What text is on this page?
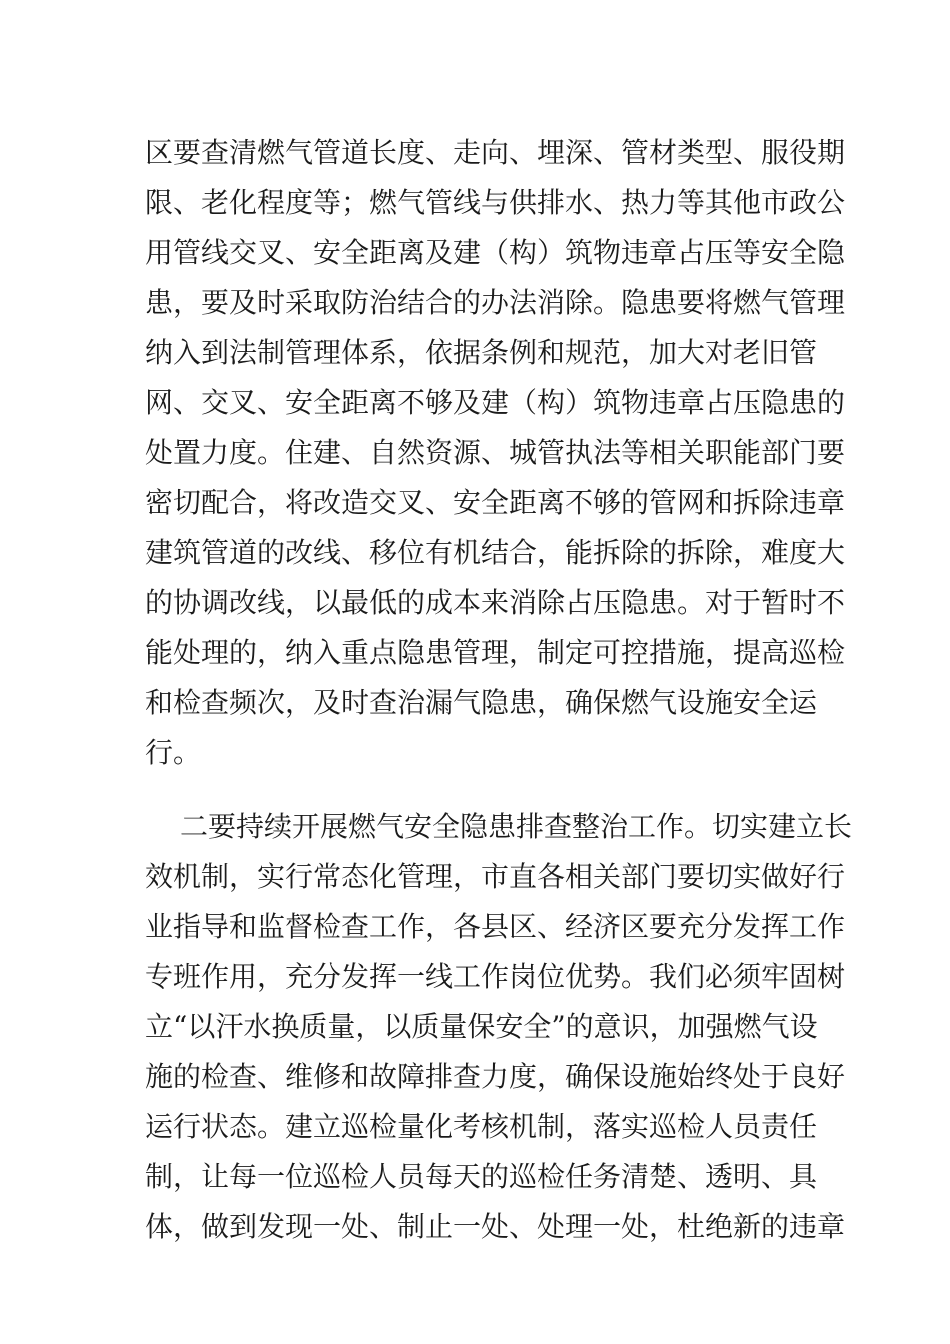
区要查清燃气管道长度、走向、埋深、管材类型、服役期
限、老化程度等；燃气管线与供排水、热力等其他市政公
用管线交叉、安全距离及建（构）筑物违章占压等安全隐
患，要及时采取防治结合的办法消除。隐患要将燃气管理
纳入到法制管理体系，依据条例和规范，加大对老旧管
网、交叉、安全距离不够及建（构）筑物违章占压隐患的
处置力度。住建、自然资源、城管执法等相关职能部门要
密切配合，将改造交叉、安全距离不够的管网和拆除违章
建筑管道的改线、移位有机结合，能拆除的拆除，难度大
的协调改线，以最低的成本来消除占压隐患。对于暂时不
能处理的，纳入重点隐患管理，制定可控措施，提高巡检
和检查频次，及时查治漏气隐患，确保燃气设施安全运
行。
二要持续开展燃气安全隐患排查整治工作。切实建立长
效机制，实行常态化管理，市直各相关部门要切实做好行
业指导和监督检查工作，各县区、经济区要充分发挥工作
专班作用，充分发挥一线工作岗位优势。我们必须牢固树
立“以汗水换质量，以质量保安全”的意识，加强燃气设
施的检查、维修和故障排查力度，确保设施始终处于良好
运行状态。建立巡检量化考核机制，落实巡检人员责任
制，让每一位巡检人员每天的巡检任务清楚、透明、具
体，做到发现一处、制止一处、处理一处，杜绝新的违章
